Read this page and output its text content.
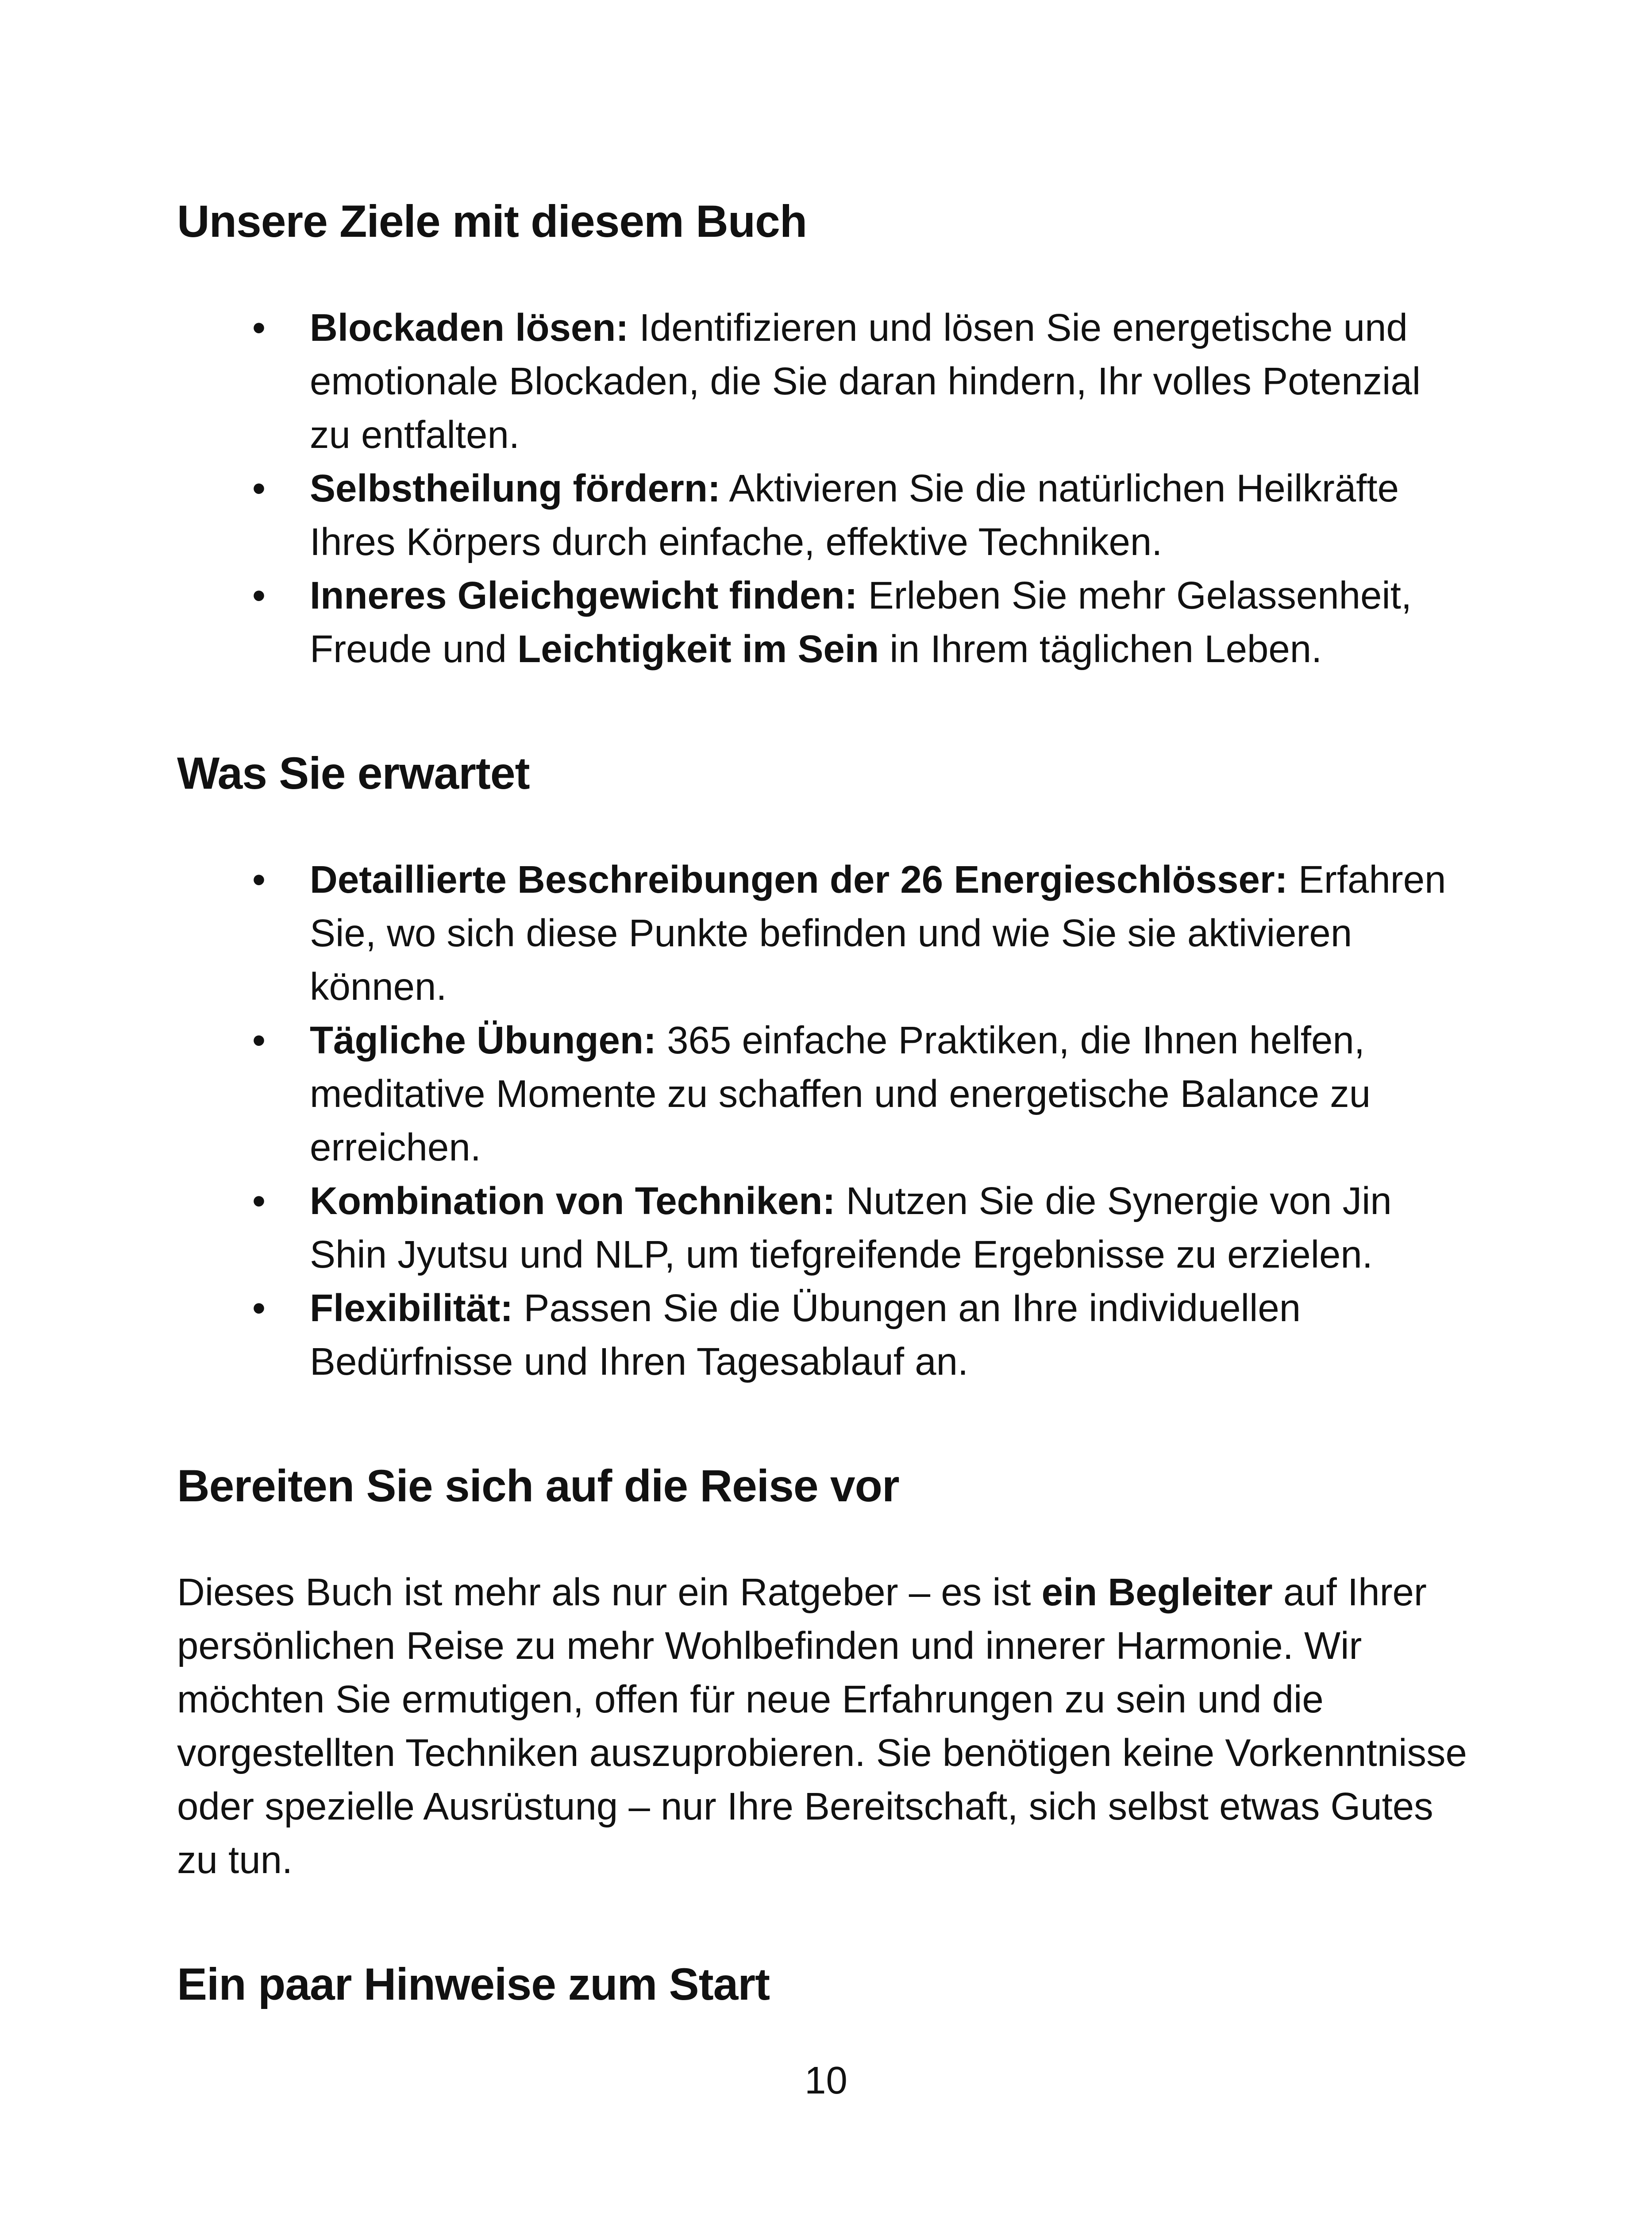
Unsere Ziele mit diesem Buch
• Blockaden lösen: Identifizieren und lösen Sie energetische und emotionale Blockaden, die Sie daran hindern, Ihr volles Potenzial zu entfalten.
• Selbstheilung fördern: Aktivieren Sie die natürlichen Heilkräfte Ihres Körpers durch einfache, effektive Techniken.
• Inneres Gleichgewicht finden: Erleben Sie mehr Gelassenheit, Freude und Leichtigkeit im Sein in Ihrem täglichen Leben.
Was Sie erwartet
• Detaillierte Beschreibungen der 26 Energieschlösser: Erfahren Sie, wo sich diese Punkte befinden und wie Sie sie aktivieren können.
• Tägliche Übungen: 365 einfache Praktiken, die Ihnen helfen, meditative Momente zu schaffen und energetische Balance zu erreichen.
• Kombination von Techniken: Nutzen Sie die Synergie von Jin Shin Jyutsu und NLP, um tiefgreifende Ergebnisse zu erzielen.
• Flexibilität: Passen Sie die Übungen an Ihre individuellen Bedürfnisse und Ihren Tagesablauf an.
Bereiten Sie sich auf die Reise vor

Dieses Buch ist mehr als nur ein Ratgeber – es ist ein Begleiter auf Ihrer persönlichen Reise zu mehr Wohlbefinden und innerer Harmonie. Wir möchten Sie ermutigen, offen für neue Erfahrungen zu sein und die vorgestellten Techniken auszuprobieren. Sie benötigen keine Vorkenntnisse oder spezielle Ausrüstung – nur Ihre Bereitschaft, sich selbst etwas Gutes zu tun.

Ein paar Hinweise zum Start
10
